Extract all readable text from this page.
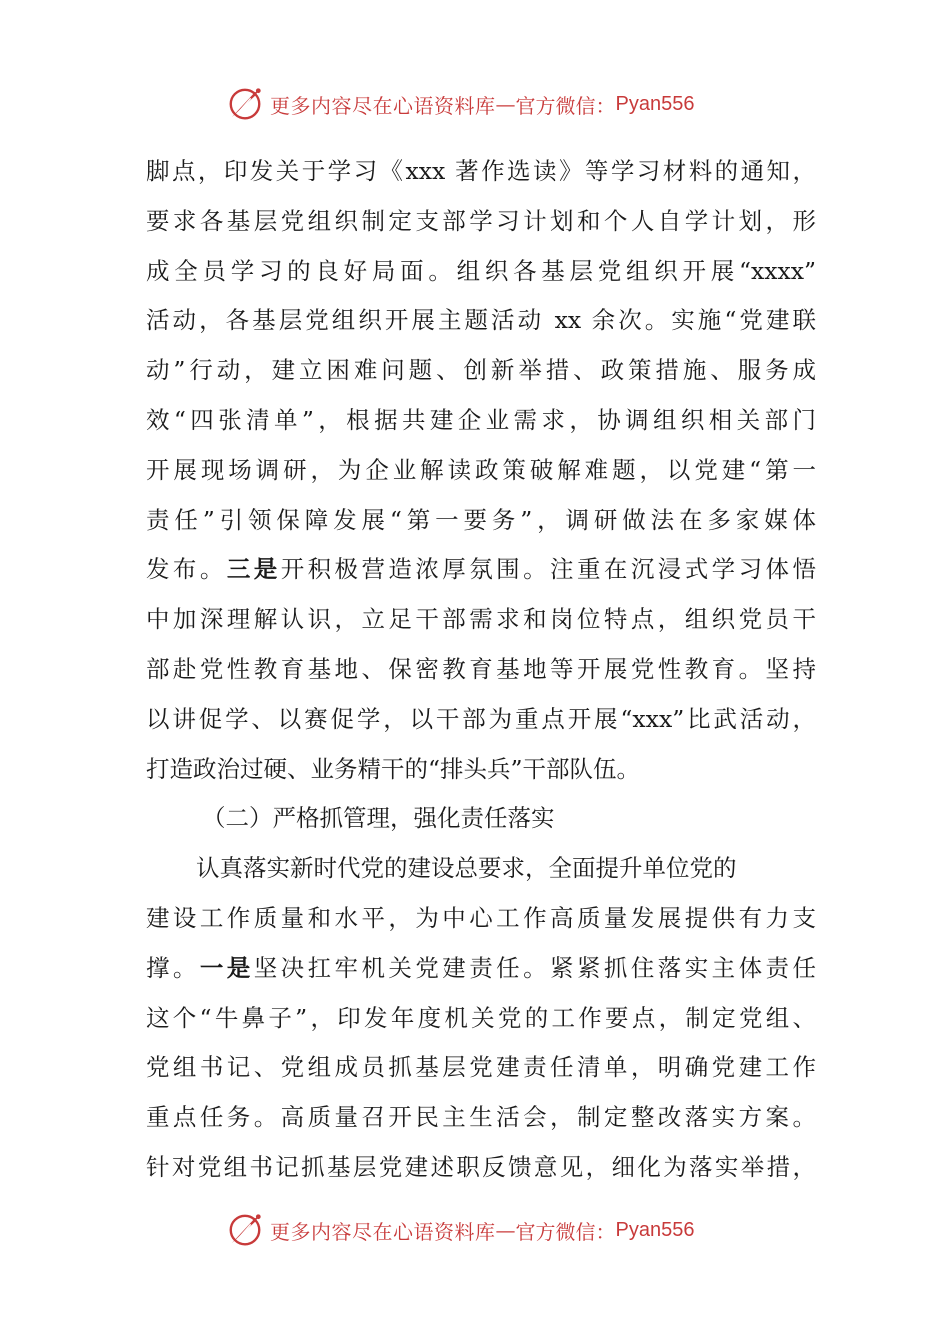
更多内容尽在心语资料库 — 官方微信： Pyan556
脚点，印发关于学习《xxx 著作选读》等学习材料的通知，
要求各基层党组织制定支部学习计划和个人自学计划，形
成全员学习的良好局面。组织各基层党组织开展“xxxx”
活动，各基层党组织开展主题活动 xx 余次。实施“党建联
动”行动，建立困难问题、创新举措、政策措施、服务成
效“四张清单”，根据共建企业需求，协调组织相关部门
开展现场调研，为企业解读政策破解难题，以党建“第一
责任”引领保障发展“第一要务”，调研做法在多家媒体
发布。三是开积极营造浓厚氛围。注重在沉浸式学习体悟
中加深理解认识，立足干部需求和岗位特点，组织党员干
部赴党性教育基地、保密教育基地等开展党性教育。坚持
以讲促学、以赛促学，以干部为重点开展“xxx”比武活动，
打造政治过硬、业务精干的“排头兵”干部队伍。
（二）严格抓管理，强化责任落实
认真落实新时代党的建设总要求，全面提升单位党的
建设工作质量和水平，为中心工作高质量发展提供有力支
撑。一是坚决扛牢机关党建责任。紧紧抓住落实主体责任
这个“牛鼻子”，印发年度机关党的工作要点，制定党组、
党组书记、党组成员抓基层党建责任清单，明确党建工作
重点任务。高质量召开民主生活会，制定整改落实方案。
针对党组书记抓基层党建述职反馈意见，细化为落实举措，
更多内容尽在心语资料库 — 官方微信： Pyan556
